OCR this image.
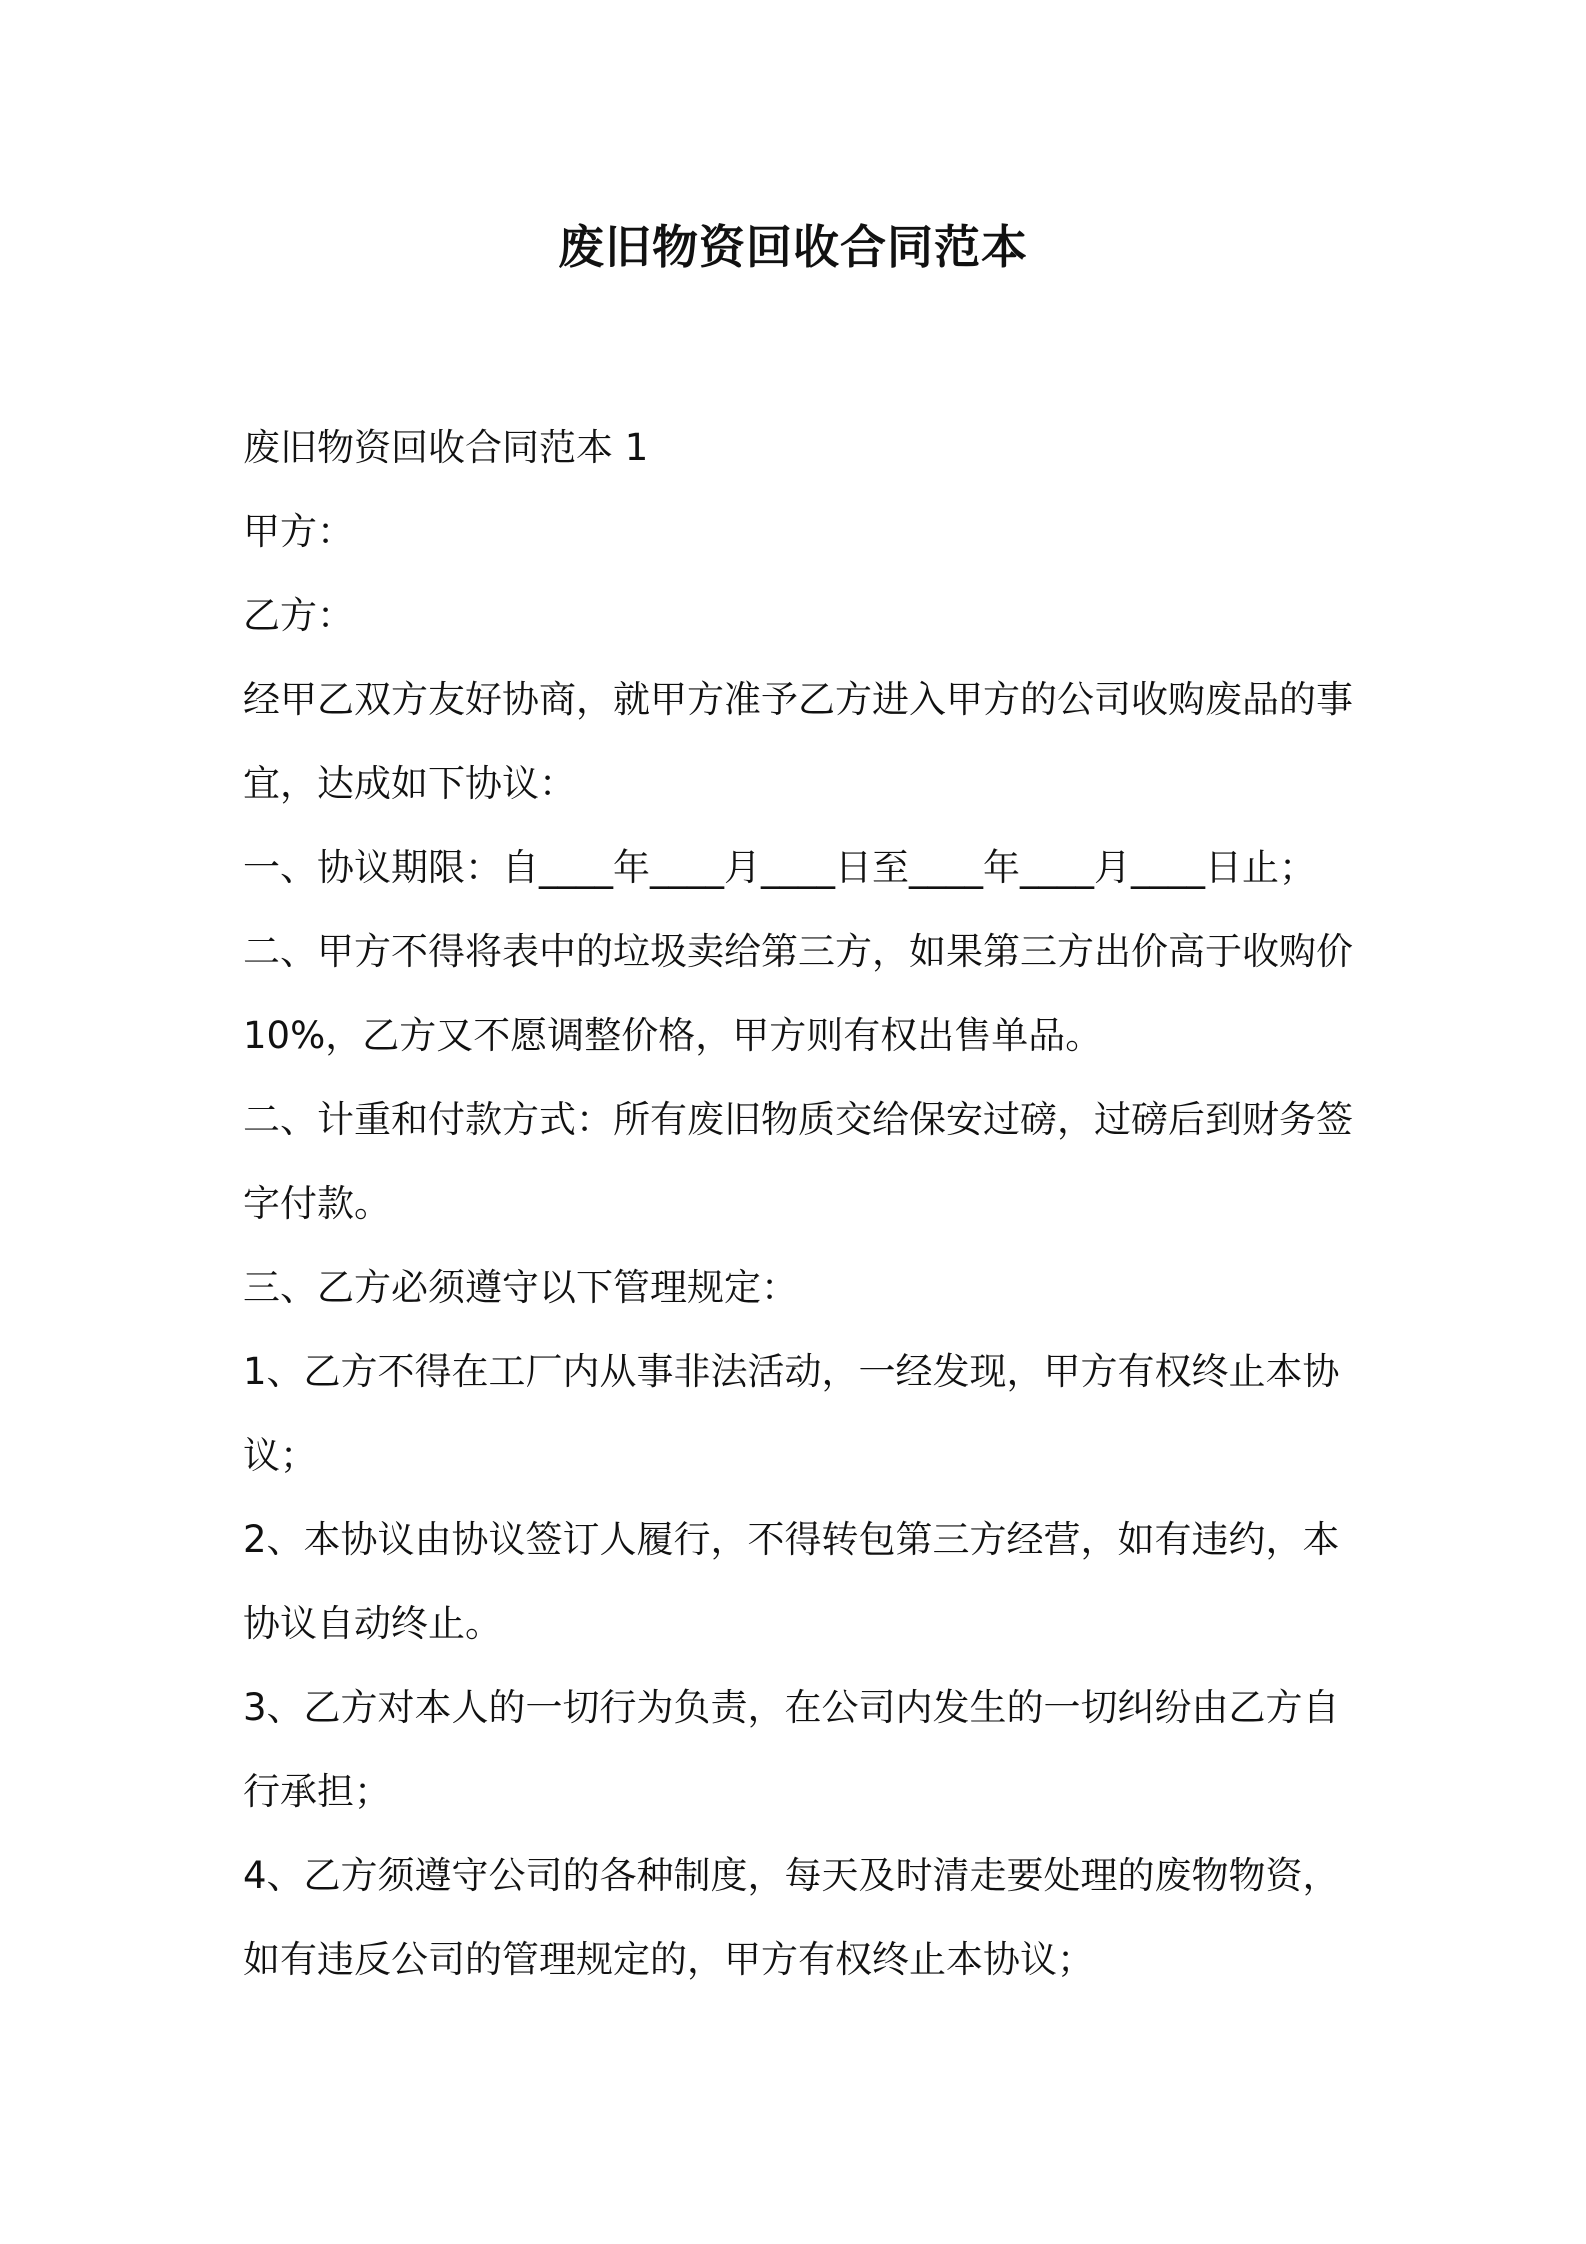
废旧物资回收合同范本

废旧物资回收合同范本 1

甲方：

乙方：

经甲乙双方友好协商，就甲方准予乙方进入甲方的公司收购废品的事

宜，达成如下协议：

一、协议期限：自____年____月____日至____年____月____日止；

二、甲方不得将表中的垃圾卖给第三方，如果第三方出价高于收购价

10%，乙方又不愿调整价格，甲方则有权出售单品。

二、计重和付款方式：所有废旧物质交给保安过磅，过磅后到财务签

字付款。

三、乙方必须遵守以下管理规定：

1、乙方不得在工厂内从事非法活动，一经发现，甲方有权终止本协

议；

2、本协议由协议签订人履行，不得转包第三方经营，如有违约，本

协议自动终止。

3、乙方对本人的一切行为负责，在公司内发生的一切纠纷由乙方自

行承担；

4、乙方须遵守公司的各种制度，每天及时清走要处理的废物物资，

如有违反公司的管理规定的，甲方有权终止本协议；
